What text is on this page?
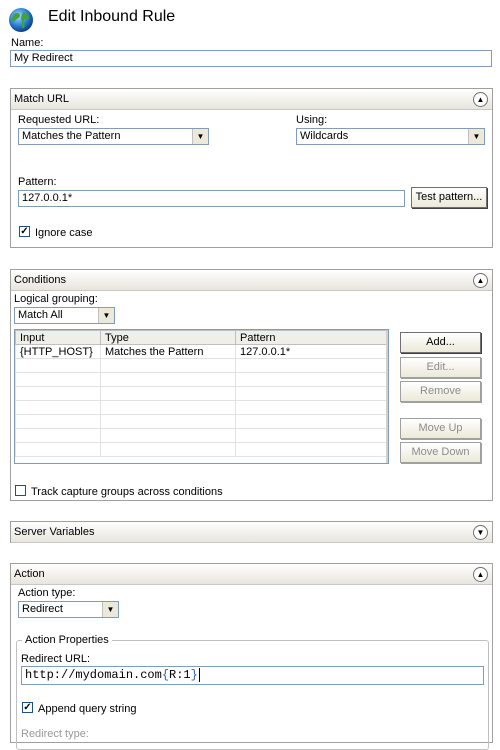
Edit Inbound Rule
Name:
My Redirect
Match URL	▲
Requested URL:
Matches the Pattern	▼
Using:
Wildcards	▼
Pattern:
127.0.0.1*	Test pattern...
✓ Ignore case
Conditions	▲
Logical grouping:
Match All	▼
Input	Type	Pattern
{HTTP_HOST}	Matches the Pattern	127.0.0.1*

Add...
Edit...
Remove
Move Up
Move Down
Track capture groups across conditions
Server Variables	▼
Action	▲
Action type:
Redirect	▼
Action Properties
Redirect URL:
http://mydomain.com{R:1}
✓ Append query string
Redirect type:
